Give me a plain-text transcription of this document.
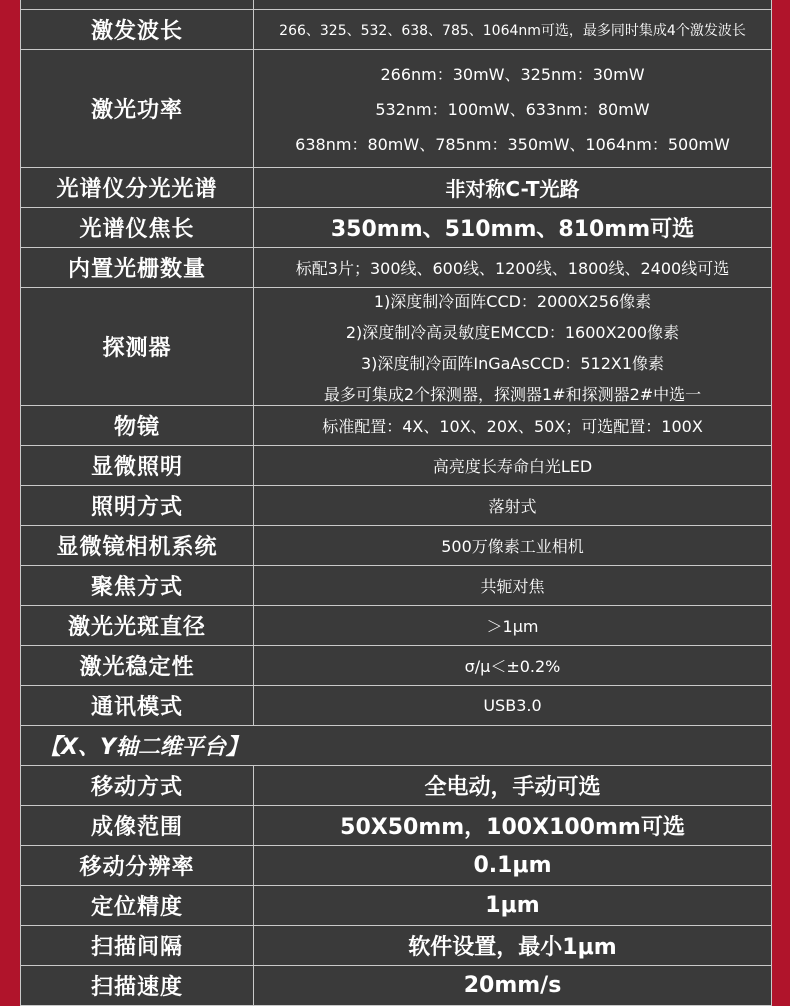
激发波长	266、325、532、638、785、1064nm可选，最多同时集成4个激发波长
激光功率
266nm：30mW、325nm：30mW
532nm：100mW、633nm：80mW
638nm：80mW、785nm：350mW、1064nm：500mW
光谱仪分光光谱	非对称C-T光路
光谱仪焦长	350mm、510mm、810mm可选
内置光栅数量	标配3片；300线、600线、1200线、1800线、2400线可选
探测器
1)深度制冷面阵CCD：2000X256像素
2)深度制冷高灵敏度EMCCD：1600X200像素
3)深度制冷面阵InGaAsCCD：512X1像素
最多可集成2个探测器，探测器1#和探测器2#中选一
物镜	标准配置：4X、10X、20X、50X；可选配置：100X
显微照明	高亮度长寿命白光LED
照明方式	落射式
显微镜相机系统	500万像素工业相机
聚焦方式	共轭对焦
激光光斑直径	＞1μm
激光稳定性	σ/μ＜±0.2%
通讯模式	USB3.0
【X、Y轴二维平台】
移动方式	全电动，手动可选
成像范围	50X50mm，100X100mm可选
移动分辨率	0.1μm
定位精度	1μm
扫描间隔	软件设置，最小1μm
扫描速度	20mm/s
